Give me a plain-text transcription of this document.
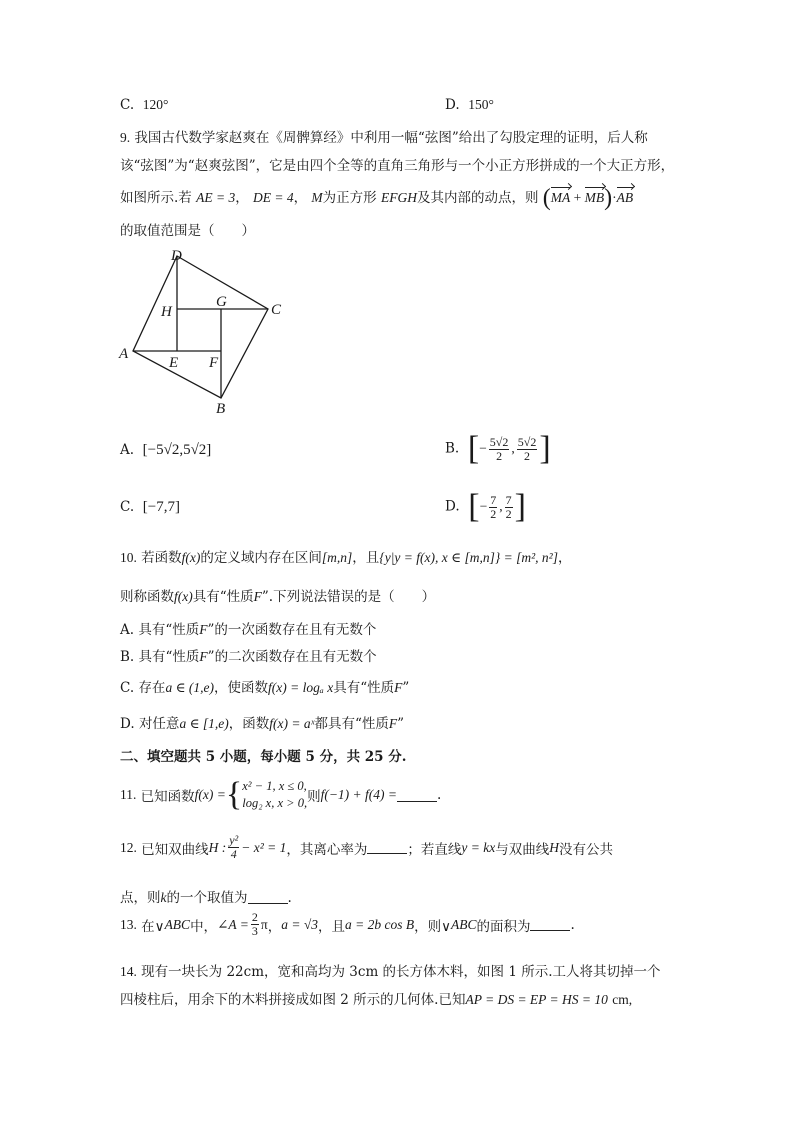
C. 120°	D. 150°
9. 我国古代数学家赵爽在《周髀算经》中利用一幅“弦图”给出了勾股定理的证明，后人称
该“弦图”为“赵爽弦图”，它是由四个全等的直角三角形与一个小正方形拼成的一个大正方形，
如图所示.若 AE = 3， DE = 4， M为正方形 EFGH及其内部的动点，则 (MA + MB)·AB
的取值范围是（　　）
D
H
G	C
A
E F
B
A. [−5√2,5√2]	B. [− $\frac{5√2}{2}$ , $\frac{5√2}{2}$ ]
C. [−7,7]	D. [− $\frac{7}{2}$ , $\frac{7}{2}$ ]
10. 若函数f(x)的定义域内存在区间[m,n]，且{y|y = f(x), x ∈ [m,n]} = [m², n²]，
则称函数f(x)具有“性质F”.下列说法错误的是（　　）
A. 具有“性质F”的一次函数存在且有无数个
B. 具有“性质F”的二次函数存在且有无数个
C. 存在a ∈ (1,e)，使函数f(x) = logₐ x具有“性质F”
D. 对任意a ∈ [1,e)，函数f(x) = aˣ都具有“性质F”
二、填空题共 5 小题，每小题 5 分，共 25 分.
11.
已知函数 f(x) = { x² − 1, x ≤ 0,
log₂ x, x > 0, 则 f(−1) + f(4) =	.
12.
已知双曲线 H : $\frac{\text{y²}}{4} - x^2 = 1$ ，其离心率为	；若直线 y = kx 与双曲线 H 没有公共
点，则k的一个取值为	.
13.
在∨ ABC 中， ∠A = $\frac{2}{3}$ π ， a = √3 ，且 a = 2b cos B ，则∨ ABC 的面积为	.
14. 现有一块长为 22cm，宽和高均为 3cm 的长方体木料，如图 1 所示.工人将其切掉一个
四棱柱后，用余下的木料拼接成如图 2 所示的几何体.已知AP = DS = EP = HS = 10 cm,
